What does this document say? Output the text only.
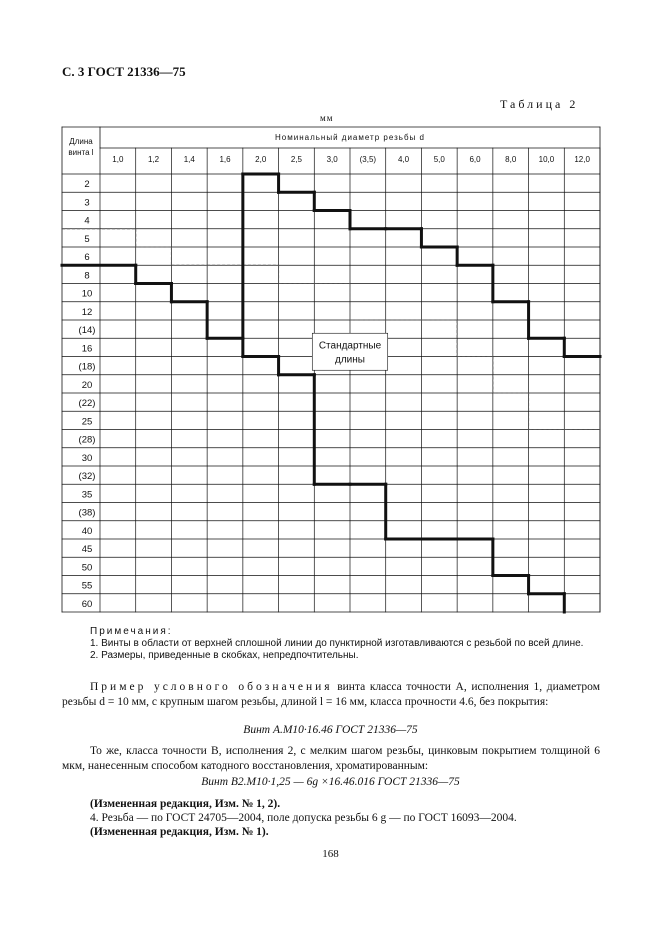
С. 3 ГОСТ 21336—75
Таблица 2
мм
Длина
винта l
Номинальный диаметр резьбы d
1,0	1,2	1,4	1,6	2,0	2,5	3,0	(3,5)	4,0	5,0	6,0	8,0	10,0	12,0
2
3
4
5
6
8
10
12
(14)
16
(18)
20
(22)
25
(28)
30
(32)
35
(38)
40
45
50
55
60
Стандартные
длины
Примечания:
1. Винты в области от верхней сплошной линии до пунктирной изготавливаются с резьбой по всей длине.
2. Размеры, приведенные в скобках, непредпочтительны.
Пример условного обозначения винта класса точности А, исполнения 1, диаметром резьбы d = 10 мм, с крупным шагом резьбы, длиной l = 16 мм, класса прочности 4.6, без покрытия:
Винт A.M10·16.46 ГОСТ 21336—75
То же, класса точности В, исполнения 2, с мелким шагом резьбы, цинковым покрытием толщиной 6 мкм, нанесенным способом катодного восстановления, хроматированным:
Винт B2.M10·1,25 — 6g ×16.46.016 ГОСТ 21336—75
(Измененная редакция, Изм. № 1, 2).
4. Резьба — по ГОСТ 24705—2004, поле допуска резьбы 6 g — по ГОСТ 16093—2004.
(Измененная редакция, Изм. № 1).
168
